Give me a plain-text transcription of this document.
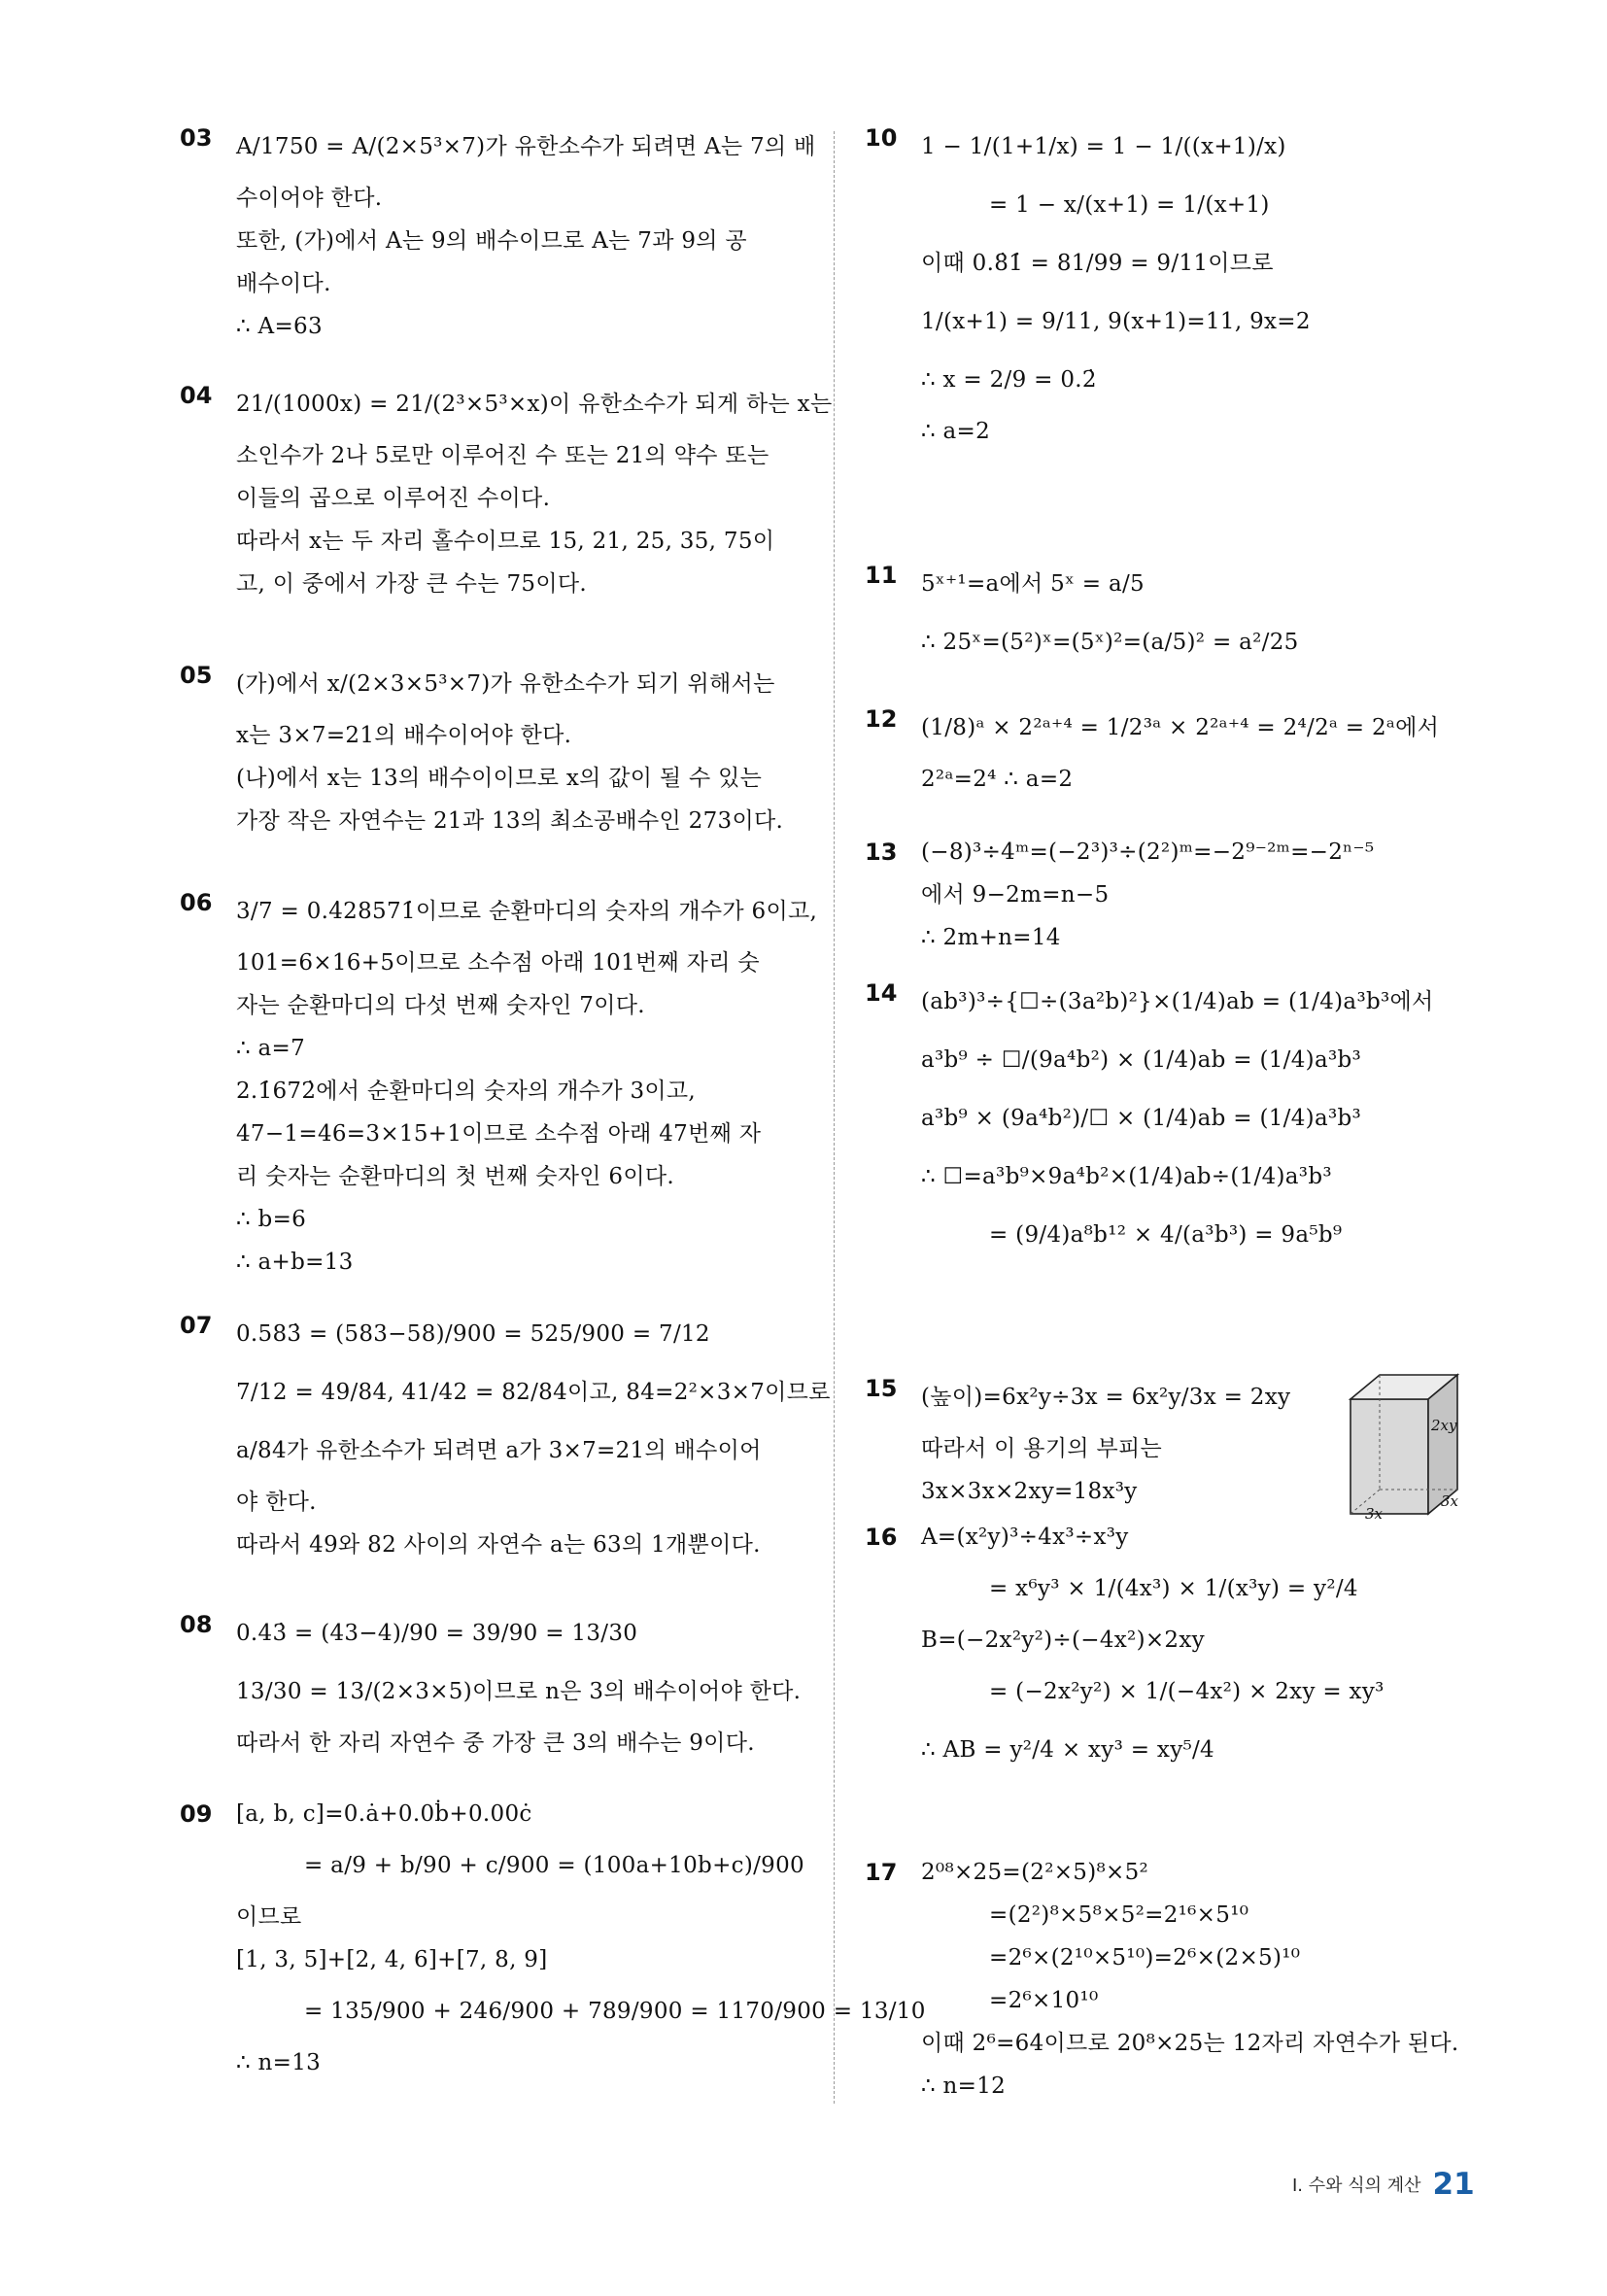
03 A/1750 = A/(2×5³×7)가 유한소수가 되려면 A는 7의 배
수이어야 한다.
또한, (가)에서 A는 9의 배수이므로 A는 7과 9의 공
배수이다.
∴ A=63
04 21/(1000x) = 21/(2³×5³×x)이 유한소수가 되게 하는 x는
소인수가 2나 5로만 이루어진 수 또는 21의 약수 또는
이들의 곱으로 이루어진 수이다.
따라서 x는 두 자리 홀수이므로 15, 21, 25, 35, 75이
고, 이 중에서 가장 큰 수는 75이다.
05 (가)에서 x/(2×3×5³×7)가 유한소수가 되기 위해서는
x는 3×7=21의 배수이어야 한다.
(나)에서 x는 13의 배수이이므로 x의 값이 될 수 있는
가장 작은 자연수는 21과 13의 최소공배수인 273이다.
06 3/7 = 0.4̇28571̇이므로 순환마디의 숫자의 개수가 6이고,
101=6×16+5이므로 소수점 아래 101번째 자리 숫
자는 순환마디의 다섯 번째 숫자인 7이다.
∴ a=7
2.1̇672̇에서 순환마디의 숫자의 개수가 3이고,
47−1=46=3×15+1이므로 소수점 아래 47번째 자
리 숫자는 순환마디의 첫 번째 숫자인 6이다.
∴ b=6
∴ a+b=13
07 0.583̇ = (583−58)/900 = 525/900 = 7/12
7/12 = 49/84, 41/42 = 82/84이고, 84=2²×3×7이므로
a/84가 유한소수가 되려면 a가 3×7=21의 배수이어
야 한다.
따라서 49와 82 사이의 자연수 a는 63의 1개뿐이다.
08 0.43̇ = (43−4)/90 = 39/90 = 13/30
13/30 = 13/(2×3×5)이므로 n은 3의 배수이어야 한다.
따라서 한 자리 자연수 중 가장 큰 3의 배수는 9이다.
09 [a, b, c]=0.ȧ+0.0ḃ+0.00ċ
= a/9 + b/90 + c/900 = (100a+10b+c)/900
이므로
[1, 3, 5]+[2, 4, 6]+[7, 8, 9]
= 135/900 + 246/900 + 789/900 = 1170/900 = 13/10
∴ n=13
10 1 − 1/(1+1/x) = 1 − 1/((x+1)/x)
= 1 − x/(x+1) = 1/(x+1)
이때 0.8̇1̇ = 81/99 = 9/11이므로
1/(x+1) = 9/11, 9(x+1)=11, 9x=2
∴ x = 2/9 = 0.2̇
∴ a=2
11 5ˣ⁺¹=a에서 5ˣ = a/5
∴ 25ˣ=(5²)ˣ=(5ˣ)²=(a/5)² = a²/25
12 (1/8)ᵃ × 2²ᵃ⁺⁴ = 1/2³ᵃ × 2²ᵃ⁺⁴ = 2⁴/2ᵃ = 2ᵃ에서
2²ᵃ=2⁴ ∴ a=2
13 (−8)³÷4ᵐ=(−2³)³÷(2²)ᵐ=−2⁹⁻²ᵐ=−2ⁿ⁻⁵
에서 9−2m=n−5
∴ 2m+n=14
14 (ab³)³÷{☐÷(3a²b)²}×(1/4)ab = (1/4)a³b³에서
a³b⁹ ÷ ☐/(9a⁴b²) × (1/4)ab = (1/4)a³b³
a³b⁹ × (9a⁴b²)/☐ × (1/4)ab = (1/4)a³b³
∴ ☐=a³b⁹×9a⁴b²×(1/4)ab÷(1/4)a³b³
= (9/4)a⁸b¹² × 4/(a³b³) = 9a⁵b⁹
15 (높이)=6x²y÷3x = 6x²y/3x = 2xy
따라서 이 용기의 부피는
3x×3x×2xy=18x³y
16 A=(x²y)³÷4x³÷x³y
= x⁶y³ × 1/(4x³) × 1/(x³y) = y²/4
B=(−2x²y²)÷(−4x²)×2xy
= (−2x²y²) × 1/(−4x²) × 2xy = xy³
∴ AB = y²/4 × xy³ = xy⁵/4
17 2⁰⁸×25=(2²×5)⁸×5²
=(2²)⁸×5⁸×5²=2¹⁶×5¹⁰
=2⁶×(2¹⁰×5¹⁰)=2⁶×(2×5)¹⁰
=2⁶×10¹⁰
이때 2⁶=64이므로 20⁸×25는 12자리 자연수가 된다.
∴ n=12
2xy
3x
3x
I. 수와 식의 계산 21
